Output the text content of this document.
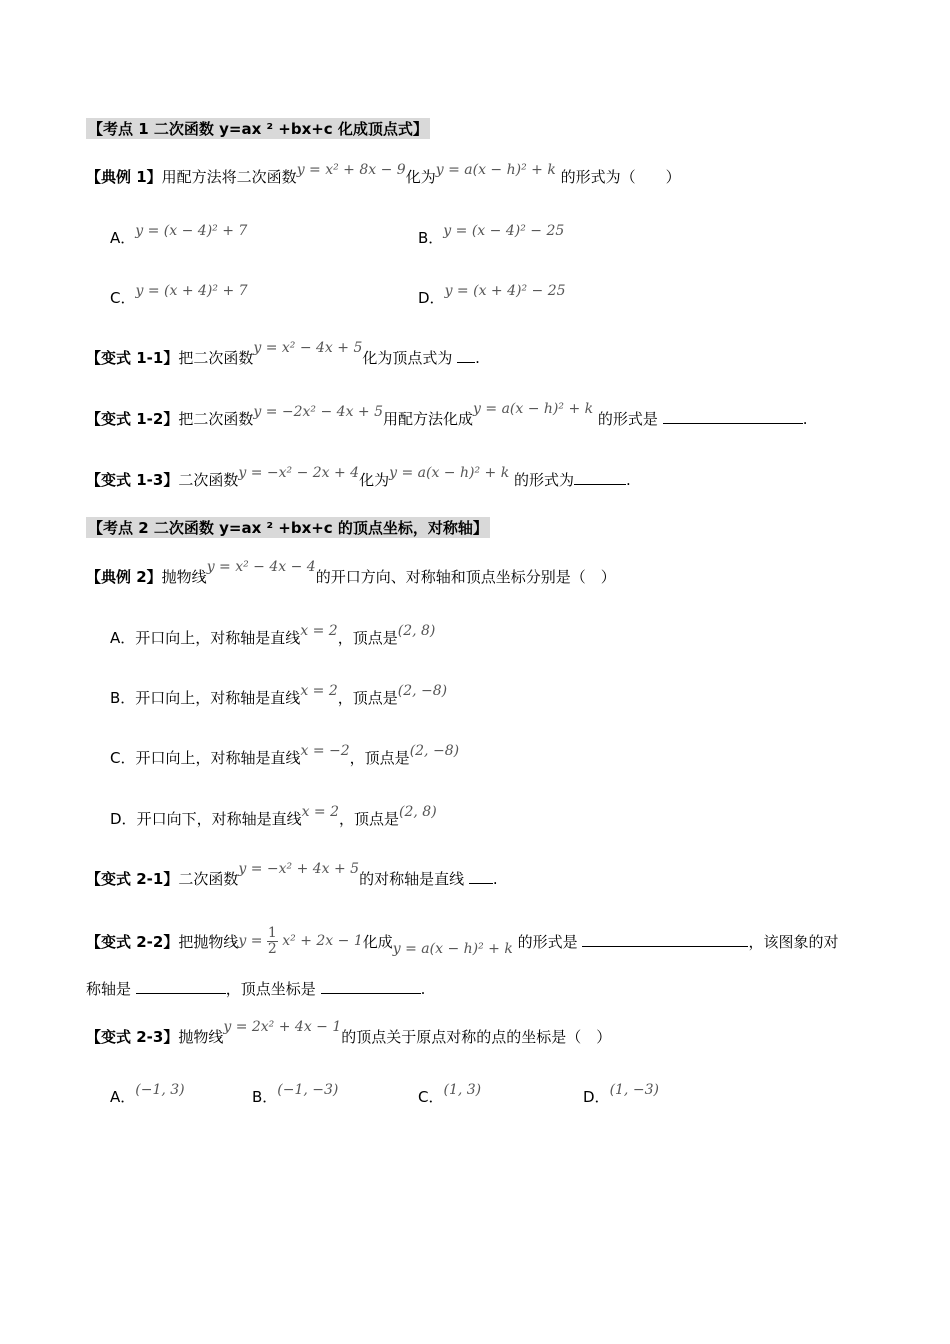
【考点 1 二次函数 y=ax ² +bx+c 化成顶点式】
【典例 1】用配方法将二次函数y = x² + 8x − 9化为y = a(x − h)² + k 的形式为（　　）
A．y = (x − 4)² + 7	B．y = (x − 4)² − 25
C．y = (x + 4)² + 7	D．y = (x + 4)² − 25
【变式 1-1】把二次函数y = x² − 4x + 5化为顶点式为 .
【变式 1-2】把二次函数y = −2x² − 4x + 5用配方法化成y = a(x − h)² + k 的形式是	.
【变式 1-3】二次函数y = −x² − 2x + 4化为y = a(x − h)² + k 的形式为	.
【考点 2 二次函数 y=ax ² +bx+c 的顶点坐标，对称轴】
【典例 2】抛物线y = x² − 4x − 4的开口方向、对称轴和顶点坐标分别是（　）
A．开口向上，对称轴是直线x = 2，顶点是(2, 8)
B．开口向上，对称轴是直线x = 2，顶点是(2, −8)
C．开口向上，对称轴是直线x = −2，顶点是(2, −8)
D．开口向下，对称轴是直线x = 2，顶点是(2, 8)
【变式 2-1】二次函数y = −x² + 4x + 5的对称轴是直线 .
【变式 2-2】把抛物线$y = \frac{1}{2} x^2 + 2x - 1$化成y = a(x − h)² + k 的形式是	，该图象的对
称轴是	，顶点坐标是	.
【变式 2-3】抛物线y = 2x² + 4x − 1的顶点关于原点对称的点的坐标是（　）
A．(−1, 3)	B．(−1, −3)	C．(1, 3)	D．(1, −3)
